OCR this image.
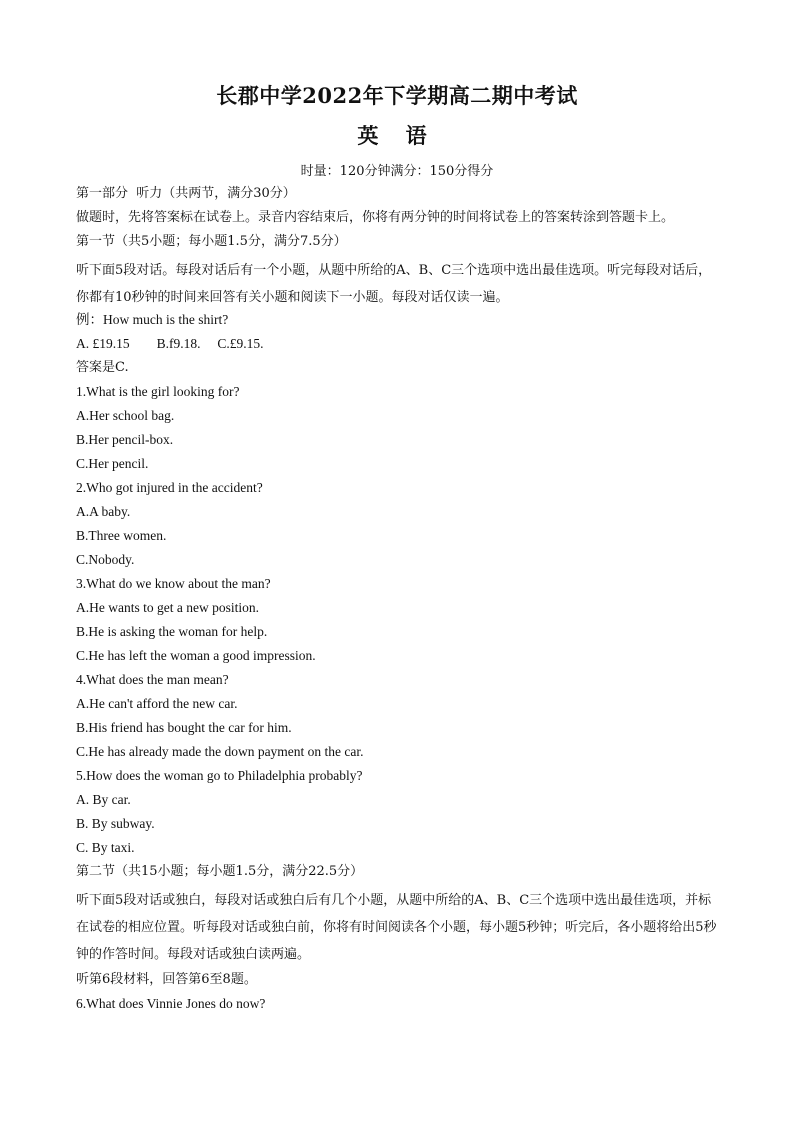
长郡中学2022年下学期高二期中考试
英 语
时量：120分钟满分：150分得分

第一部分  听力（共两节，满分30分）

做题时，先将答案标在试卷上。录音内容结束后，你将有两分钟的时间将试卷上的答案转涂到答题卡上。

第一节（共5小题；每小题1.5分，满分7.5分）

听下面5段对话。每段对话后有一个小题，从题中所给的A、B、C三个选项中选出最佳选项。听完每段对话后，你都有10秒钟的时间来回答有关小题和阅读下一小题。每段对话仅读一遍。

例：How much is the shirt?

A. £19.15        B.f9.18.     C.£9.15.

答案是C.

1.What is the girl looking for?

A.Her school bag.

B.Her pencil-box.

C.Her pencil.

2.Who got injured in the accident?

A.A baby.

B.Three women.

C.Nobody.

3.What do we know about the man?

A.He wants to get a new position.

B.He is asking the woman for help.

C.He has left the woman a good impression.

4.What does the man mean?

A.He can't afford the new car.

B.His friend has bought the car for him.

C.He has already made the down payment on the car.

5.How does the woman go to Philadelphia probably?

A. By car.

B. By subway.

C. By taxi.

第二节（共15小题；每小题1.5分，满分22.5分）

听下面5段对话或独白，每段对话或独白后有几个小题，从题中所给的A、B、C三个选项中选出最佳选项，并标在试卷的相应位置。听每段对话或独白前，你将有时间阅读各个小题，每小题5秒钟；听完后，各小题将给出5秒钟的作答时间。每段对话或独白读两遍。

听第6段材料，回答第6至8题。

6.What does Vinnie Jones do now?
